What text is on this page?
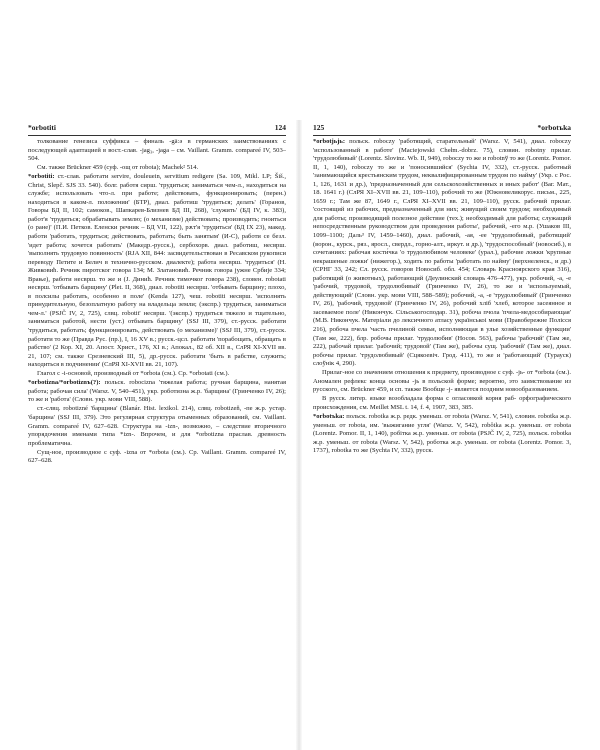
*orbotiti	124

толкование генезиса суффикса – финаль -gā:ə в германских заимствованиях с последующей адаптацией в вост.-слав. -jag₃, -jaga – см. Vaillant. Gramm. compareé IV, 503–504.

См. также Brückner 459 (суф. -ощ от robota); Machek² 514.

*orbotiti: ст.-слав. работати servire, douleuein, servitium redigere (Sa. 109, Mikl. LP; Šiš., Christ, Slepč. SJS 33. 540). болг. работя сирш. 'трудиться; заниматься чем-л., находиться на службе; использовать что-л. при работе; действовать, функционировать; (перен.) находиться в каком-л. положении' (БТР), диал. работиш 'трудиться; делать' (Горанов, Говоры БД II, 102; самоков., Шапкарев-Близнев БД III, 268), 'служить' (БД IV, к. 383), работ'я 'трудиться; обрабатывать землю; (о механизме) действовать; производить; гноиться (о ране)' (П.И. Петков. Еленски речник – БД VII, 122), рѫт'я 'трудиться' (БД IX 23), макед. работи 'работать, трудиться; действовать, работать; быть занятым' (И-С), работи се безл. 'идет работа; хочется работать' (Македр.-русск.), сербохорв. диал. работиш, несврш. 'выполнять трудовую повинность' (RJA XII, 844: засвидетельствован в Ресавском рукописи переводу Петитe и Белич в технично-русском. диалекте); работа несврш. 'трудиться' (Н. Живковић. Речник пиротског говора 134; М. Златановић. Речник говора јужне Србије 334; Врање), работи несврш. то же и (J. Динић. Речник тимочког говора 238), словен. robotati несврш. 'отбывать барщину' (Plet. II, 368), диал. robotiti несврш. 'отбывать барщину; плохо, в полсилы работать, особенно в поле' (Kenda 127), чеш. robotiti несврш. 'исполнять принудительную, безоплатную работу на владельца земли; (экспр.) трудиться, заниматься чем-л.' (PSJČ IV, 2, 725), слвц. robotit' несврш. '(экспр.) трудиться тяжело и тщательно, заниматься работой, нести (уст.) отбывать барщину' (SSJ III, 379), ст.-русск. работати 'трудиться, работать; функционировать, действовать (о механизме)' (SSJ III, 379), ст.-русск. работати то же (Правда Рус. (пр.), I, 16 XV в.; русск.-цсл. работати 'порабощать, обращать в рабство' (2 Кор. XI, 20. Апост. Христ., 176, XI в.; Апокал., 82 об. XII в., СлРЯ XI-XVII вв. 21, 107; см. также Срезневский III, 5), др.-русск. работати 'быть в рабстве, служить; находиться в подчинении' (СлРЯ XI-XVII вв. 21, 107).

Глагол с -i-основой, производный от *orbota (см.). Ср. *orbotati (см.).

*orbotizna/*orbotiznъ(?): польск. robocizna 'тяжелая работа; ручная барщина, нанятая работа; рабочая сила' (Warsz. V, 540–451), укр. роботизна ж.р. 'барщина' (Гринченко IV, 26); то же и 'работа' (Словн. укр. мови VIII, 588).

ст.-слвц. robotizné 'барщина' (Blanár. Hist. lexikol. 214), слвц. robotizeň, -пе ж.р. устар. 'барщина' (SSJ III, 379). Это регулярная структура отыменных образований, см. Vaillant. Gramm. compareé IV, 627–628. Структура на -izn-, возможно, – следствие вторичного упорядочения именами типа *izn-. Впрочем, и для *orbotizna праслав. древность проблематична.

Сущ-ное, производное с суф. -izna от *orbota (см.). Ср. Vaillant. Gramm. compareé IV, 627–628.

125	*orbotъka

*orbotjьjь: польск. roboczy 'работящий, старательный' (Warsz. V, 541), диал. roboczy 'использованный в работе' (Maciejowski Chełm.-dobrz. 75), словин. robotny прилаг. 'трудолюбивый' (Lorentz. Slovinz. Wb. II, 949), roboczy то же и robotnў то же (Lorentz. Pomor. II, 1, 140), roboczy то же и 'поносившийся' (Sychta IV, 332), ст.-русск. работный 'занимающийся крестьянским трудом, неквалифицированным трудом по найму' (Укр. с Рос. 1, 126, 1631 и др.), 'предназначенный для сельскохозяйственных и иных работ' (Ваг. Мат., 18. 1641 г.) (СлРЯ XI–XVII вв. 21, 109–110), робочий то же (Южновеликорус. письм., 225, 1659 г.; Там же 87, 1649 г., СлРЯ XI–XVII вв. 21, 109–110), русск. рабочий прилаг. 'состоящий из рабочих, предназначенный для них; живущий своим трудом; необходимый для работы; производящий полезное действие (тех.); необходимый для работы; служащий непосредственным руководством для проведения работы', рабочий, -его м.р. (Ушаков III, 1099–1100; Даль³ IV, 1459–1460), диал. рабочий, -ая, -ее 'трудолюбивый, работящий' (ворон., курск., ряз., яросл., свердл., горно-алт., иркут. и др.), 'трудоспособный' (новосиб.), в сочетаниях: рабочая кости́чка 'о трудолюбивом человеке' (урал.), рабочие ложки 'крупные некрашеные ложки' (нижегор.), ходить по работы 'работать по найму' (верхнеленск., и др.) (СРНГ 33, 242; Сл. русск. говоров Новосиб. обл. 454; Словарь Красноярского края 316), работящий (о животных), работающий (Деулинский словарь 476–477), укр. робочий, -а, -е 'рабочий, трудовой, трудолюбивый' (Гринченко IV, 26), то же и 'используемый, действующий' (Словн. укр. мови VIII, 588–589); робочий, -а, -е 'трудолюбивый' (Гринченко IV, 26), 'рабочий, трудовой' (Гринченко IV, 26), робочий хліб 'хлеб, которое засеянное и засеваемое поле' (Никончук. Сільськогосподар. 31), робоча пчола 'пчела-медособирающая' (М.В. Никончук. Матеріали до лексичного атласу українськоі мови (Правобережне Полісся 216), робоча пчела 'часть пчелиной семьи, исполняющая в улье хозяйственные функции' (Там же, 222), блр. робочы прилаг. 'трудолюбив' (Носов. 563), рабочы 'рабочий' (Там же, 222), рабочай прилаг. 'рабочий; трудовой' (Там же), рабочы сущ. 'рабочий' (Там же), диал. робочы прилаг. 'трудолюбивый' (Сцякоевіч. Грод. 411), то же и 'работающий' (Турауск) слоўнік 4, 290).

Прилаг-ное со значением отношения к предмету, производное с суф. -jь- от *orbota (см.). Аномален рефлекс конца основы -jь в польской форме; вероятно, это заимствование из русского, см. Brückner 459, и сп. также Вообще -j- является поздним новообразованием.

В русск. литер. языке возобладала форма с огласовкой корня раб- орфографического происхождения, см. Meillet MSL t. 14, f. 4, 1907, 383, 385.

*orbotъka: польск. robotka ж.р. редк. уменьш. от robota (Warsz. V, 541), словин. robotka ж.р. уменьш. от robota, им. 'выжигание угля' (Warsz. V, 542), robôtka ж.р. уменьш. от robota (Lorentz. Pomor. II, 1, 140), робітка ж.р. уменьш. от robota (PSJČ IV, 2, 725), польск. robotka ж.р. уменьш. от robota (Warsz. V, 542), роботка ж.р. уменьш. от robota (Lorentz. Pomor. 3, 1737), robotka то же (Sychta IV, 332), русск.
